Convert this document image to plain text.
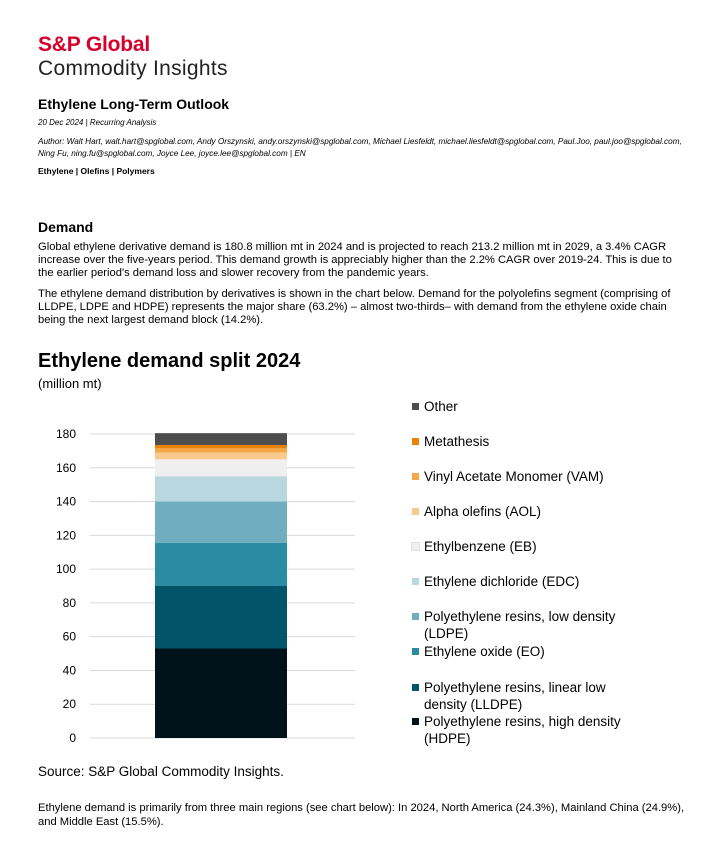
S&P Global
Commodity Insights
Ethylene Long-Term Outlook
20 Dec 2024 | Recurring Analysis
Author: Walt Hart, walt.hart@spglobal.com, Andy Orszynski, andy.orszynski@spglobal.com, Michael Liesfeldt, michael.liesfeldt@spglobal.com, Paul.Joo, paul.joo@spglobal.com, Ning Fu, ning.fu@spglobal.com, Joyce Lee, joyce.lee@spglobal.com | EN
Ethylene | Olefins | Polymers
Demand
Global ethylene derivative demand is 180.8 million mt in 2024 and is projected to reach 213.2 million mt in 2029, a 3.4% CAGR increase over the five-years period. This demand growth is appreciably higher than the 2.2% CAGR over 2019-24. This is due to the earlier period's demand loss and slower recovery from the pandemic years.
The ethylene demand distribution by derivatives is shown in the chart below. Demand for the polyolefins segment (comprising of LLDPE, LDPE and HDPE) represents the major share (63.2%) – almost two-thirds– with demand from the ethylene oxide chain being the next largest demand block (14.2%).
Ethylene demand split 2024
(million mt)
0
20
40
60
80
100
120
140
160
180
Other
Metathesis
Vinyl Acetate Monomer (VAM)
Alpha olefins (AOL)
Ethylbenzene (EB)
Ethylene dichloride (EDC)
Polyethylene resins, low density (LDPE)
Ethylene oxide (EO)
Polyethylene resins, linear low density (LLDPE)
Polyethylene resins, high density (HDPE)
Source: S&P Global Commodity Insights.
Ethylene demand is primarily from three main regions (see chart below): In 2024, North America (24.3%), Mainland China (24.9%), and Middle East (15.5%).
